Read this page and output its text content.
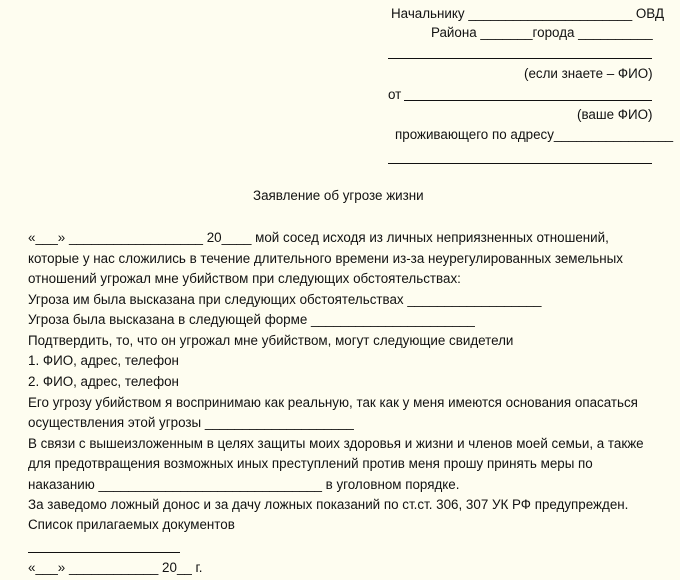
Начальнику ______________________ ОВД
Района _______города __________
(если знаете – ФИО)
от
(ваше ФИО)
проживающего по адресу________________
Заявление об угрозе жизни
«___» __________________ 20____ мой сосед исходя из личных неприязненных отношений,
которые у нас сложились в течение длительного времени из-за неурегулированных земельных
отношений угрожал мне убийством при следующих обстоятельствах:
Угроза им была высказана при следующих обстоятельствах __________________
Угроза была высказана в следующей форме ______________________
Подтвердить, то, что он угрожал мне убийством, могут следующие свидетели
1. ФИО, адрес, телефон
2. ФИО, адрес, телефон
Его угрозу убийством я воспринимаю как реальную, так как у меня имеются основания опасаться
осуществления этой угрозы ____________________
В связи с вышеизложенным в целях защиты моих здоровья и жизни и членов моей семьи, а также
для предотвращения возможных иных преступлений против меня прошу принять меры по
наказанию ______________________________ в уголовном порядке.
За заведомо ложный донос и за дачу ложных показаний по ст.ст. 306, 307 УК РФ предупрежден.
Список прилагаемых документов
«___» ____________ 20__ г.
